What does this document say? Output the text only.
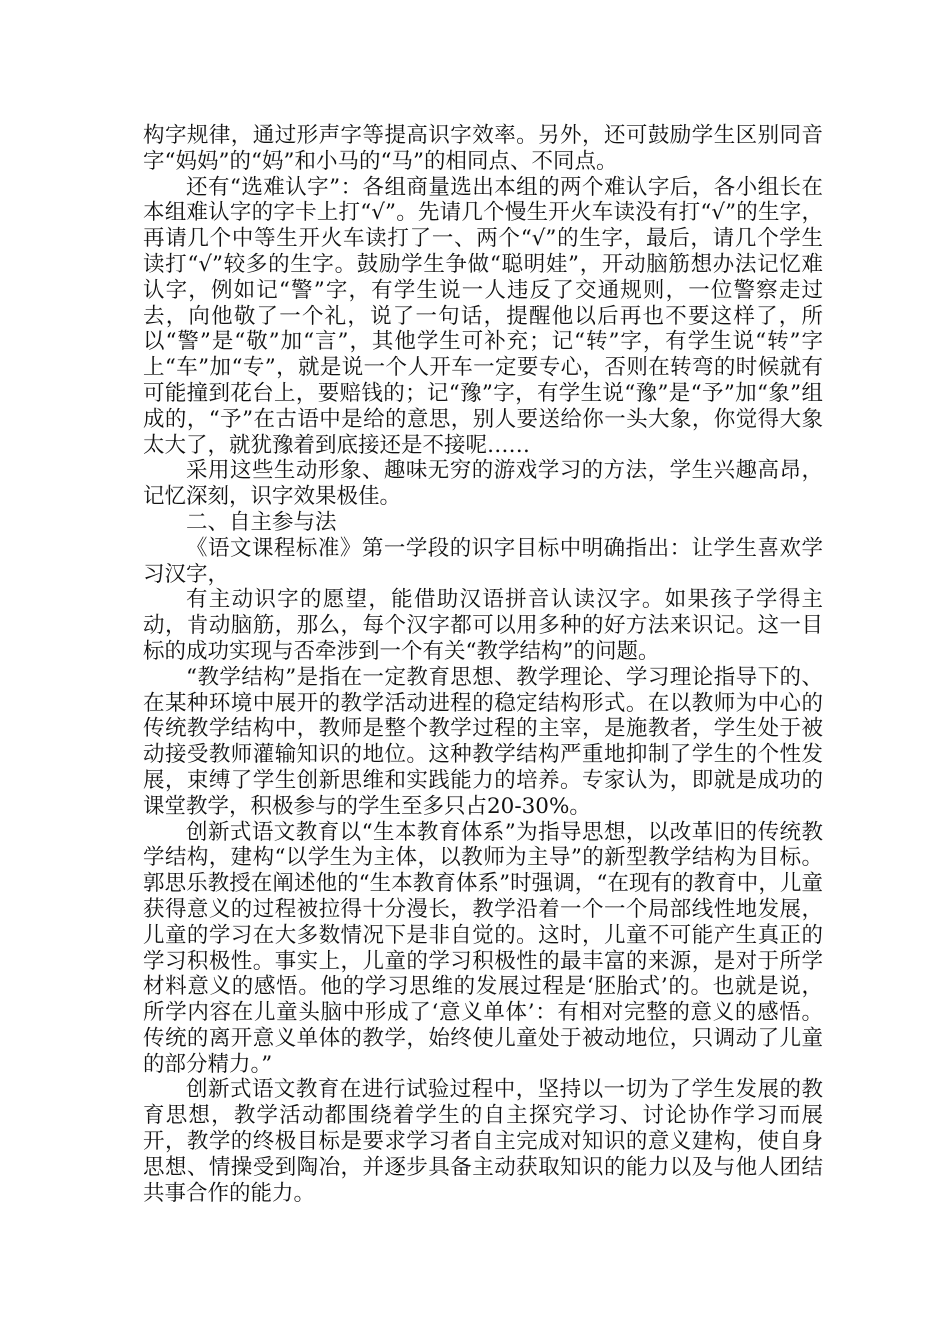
构字规律，通过形声字等提高识字效率。另外，还可鼓励学生区别同音字“妈妈”的“妈”和小马的“马”的相同点、不同点。

还有“选难认字”：各组商量选出本组的两个难认字后，各小组长在本组难认字的字卡上打“√”。先请几个慢生开火车读没有打“√”的生字，再请几个中等生开火车读打了一、两个“√”的生字，最后，请几个学生读打“√”较多的生字。鼓励学生争做“聪明娃”，开动脑筋想办法记忆难认字，例如记“警”字，有学生说一人违反了交通规则，一位警察走过去，向他敬了一个礼，说了一句话，提醒他以后再也不要这样了，所以“警”是“敬”加“言”，其他学生可补充；记“转”字，有学生说“转”字上“车”加“专”，就是说一个人开车一定要专心，否则在转弯的时候就有可能撞到花台上，要赔钱的；记“豫”字，有学生说“豫”是“予”加“象”组成的，“予”在古语中是给的意思，别人要送给你一头大象，你觉得大象太大了，就犹豫着到底接还是不接呢……

采用这些生动形象、趣味无穷的游戏学习的方法，学生兴趣高昂，记忆深刻，识字效果极佳。

二、自主参与法

《语文课程标准》第一学段的识字目标中明确指出：让学生喜欢学习汉字，

有主动识字的愿望，能借助汉语拼音认读汉字。如果孩子学得主动，肯动脑筋，那么，每个汉字都可以用多种的好方法来识记。这一目标的成功实现与否牵涉到一个有关“教学结构”的问题。

“教学结构”是指在一定教育思想、教学理论、学习理论指导下的、在某种环境中展开的教学活动进程的稳定结构形式。在以教师为中心的传统教学结构中，教师是整个教学过程的主宰，是施教者，学生处于被动接受教师灌输知识的地位。这种教学结构严重地抑制了学生的个性发展，束缚了学生创新思维和实践能力的培养。专家认为，即就是成功的课堂教学，积极参与的学生至多只占20-30%。

创新式语文教育以“生本教育体系”为指导思想，以改革旧的传统教学结构，建构“以学生为主体，以教师为主导”的新型教学结构为目标。郭思乐教授在阐述他的“生本教育体系”时强调，“在现有的教育中，儿童获得意义的过程被拉得十分漫长，教学沿着一个一个局部线性地发展，儿童的学习在大多数情况下是非自觉的。这时，儿童不可能产生真正的学习积极性。事实上，儿童的学习积极性的最丰富的来源，是对于所学材料意义的感悟。他的学习思维的发展过程是‘胚胎式’的。也就是说，所学内容在儿童头脑中形成了‘意义单体’：有相对完整的意义的感悟。传统的离开意义单体的教学，始终使儿童处于被动地位，只调动了儿童的部分精力。”

创新式语文教育在进行试验过程中，坚持以一切为了学生发展的教育思想，教学活动都围绕着学生的自主探究学习、讨论协作学习而展开，教学的终极目标是要求学习者自主完成对知识的意义建构，使自身思想、情操受到陶冶，并逐步具备主动获取知识的能力以及与他人团结共事合作的能力。
